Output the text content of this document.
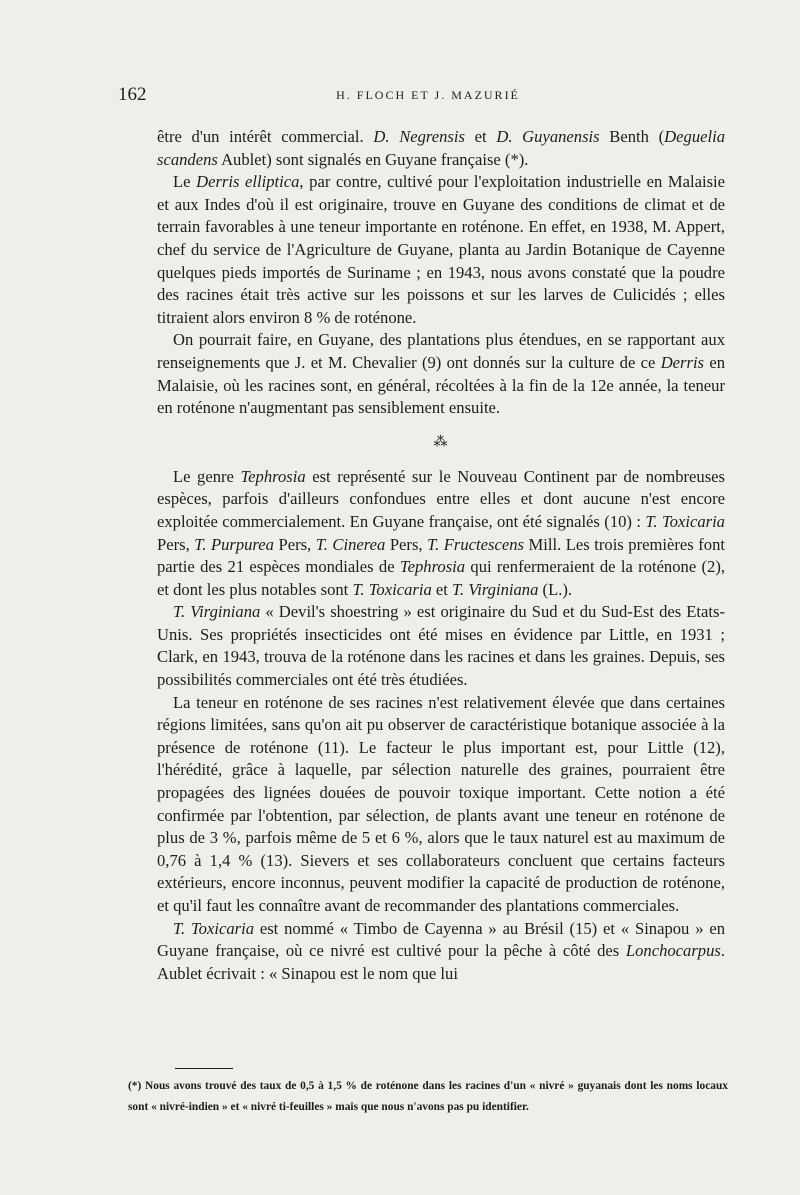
162	H. FLOCH ET J. MAZURIÉ

être d'un intérêt commercial. D. Negrensis et D. Guyanensis Benth (Deguelia scandens Aublet) sont signalés en Guyane française (*).

Le Derris elliptica, par contre, cultivé pour l'exploitation industrielle en Malaisie et aux Indes d'où il est originaire, trouve en Guyane des conditions de climat et de terrain favorables à une teneur importante en roténone. En effet, en 1938, M. Appert, chef du service de l'Agriculture de Guyane, planta au Jardin Botanique de Cayenne quelques pieds importés de Suriname ; en 1943, nous avons constaté que la poudre des racines était très active sur les poissons et sur les larves de Culicidés ; elles titraient alors environ 8 % de roténone.

On pourrait faire, en Guyane, des plantations plus étendues, en se rapportant aux renseignements que J. et M. Chevalier (9) ont donnés sur la culture de ce Derris en Malaisie, où les racines sont, en général, récoltées à la fin de la 12e année, la teneur en roténone n'augmentant pas sensiblement ensuite.

⁂

Le genre Tephrosia est représenté sur le Nouveau Continent par de nombreuses espèces, parfois d'ailleurs confondues entre elles et dont aucune n'est encore exploitée commercialement. En Guyane française, ont été signalés (10) : T. Toxicaria Pers, T. Purpurea Pers, T. Cinerea Pers, T. Fructescens Mill. Les trois premières font partie des 21 espèces mondiales de Tephrosia qui renfermeraient de la roténone (2), et dont les plus notables sont T. Toxicaria et T. Virginiana (L.).

T. Virginiana « Devil's shoestring » est originaire du Sud et du Sud-Est des Etats-Unis. Ses propriétés insecticides ont été mises en évidence par Little, en 1931 ; Clark, en 1943, trouva de la roténone dans les racines et dans les graines. Depuis, ses possibilités commerciales ont été très étudiées.

La teneur en roténone de ses racines n'est relativement élevée que dans certaines régions limitées, sans qu'on ait pu observer de caractéristique botanique associée à la présence de roténone (11). Le facteur le plus important est, pour Little (12), l'hérédité, grâce à laquelle, par sélection naturelle des graines, pourraient être propagées des lignées douées de pouvoir toxique important. Cette notion a été confirmée par l'obtention, par sélection, de plants avant une teneur en roténone de plus de 3 %, parfois même de 5 et 6 %, alors que le taux naturel est au maximum de 0,76 à 1,4 % (13). Sievers et ses collaborateurs concluent que certains facteurs extérieurs, encore inconnus, peuvent modifier la capacité de production de roténone, et qu'il faut les connaître avant de recommander des plantations commerciales.

T. Toxicaria est nommé « Timbo de Cayenna » au Brésil (15) et « Sinapou » en Guyane française, où ce nivré est cultivé pour la pêche à côté des Lonchocarpus. Aublet écrivait : « Sinapou est le nom que lui

(*) Nous avons trouvé des taux de 0,5 à 1,5 % de roténone dans les racines d'un « nivré » guyanais dont les noms locaux sont « nivré-indien » et « nivré ti-feuilles » mais que nous n'avons pas pu identifier.
